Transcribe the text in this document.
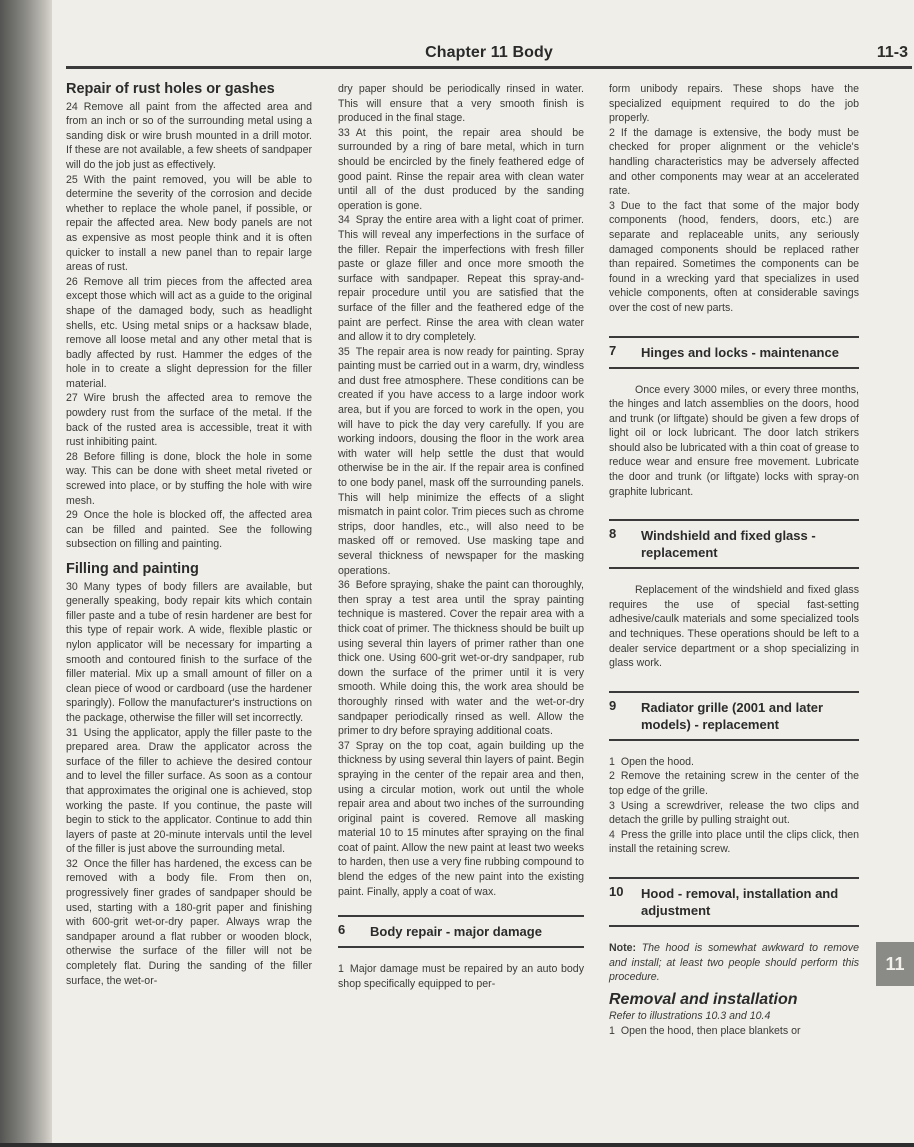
Chapter 11 Body	11-3
Repair of rust holes or gashes

24 Remove all paint from the affected area and from an inch or so of the surrounding metal using a sanding disk or wire brush mounted in a drill motor. If these are not available, a few sheets of sandpaper will do the job just as effectively.

25 With the paint removed, you will be able to determine the severity of the corrosion and decide whether to replace the whole panel, if possible, or repair the affected area. New body panels are not as expensive as most people think and it is often quicker to install a new panel than to repair large areas of rust.

26 Remove all trim pieces from the affected area except those which will act as a guide to the original shape of the damaged body, such as headlight shells, etc. Using metal snips or a hacksaw blade, remove all loose metal and any other metal that is badly affected by rust. Hammer the edges of the hole in to create a slight depression for the filler material.

27 Wire brush the affected area to remove the powdery rust from the surface of the metal. If the back of the rusted area is accessible, treat it with rust inhibiting paint.

28 Before filling is done, block the hole in some way. This can be done with sheet metal riveted or screwed into place, or by stuffing the hole with wire mesh.

29 Once the hole is blocked off, the affected area can be filled and painted. See the following subsection on filling and painting.

Filling and painting

30 Many types of body fillers are available, but generally speaking, body repair kits which contain filler paste and a tube of resin hardener are best for this type of repair work. A wide, flexible plastic or nylon applicator will be necessary for imparting a smooth and contoured finish to the surface of the filler material. Mix up a small amount of filler on a clean piece of wood or cardboard (use the hardener sparingly). Follow the manufacturer's instructions on the package, otherwise the filler will set incorrectly.

31 Using the applicator, apply the filler paste to the prepared area. Draw the applicator across the surface of the filler to achieve the desired contour and to level the filler surface. As soon as a contour that approximates the original one is achieved, stop working the paste. If you continue, the paste will begin to stick to the applicator. Continue to add thin layers of paste at 20-minute intervals until the level of the filler is just above the surrounding metal.

32 Once the filler has hardened, the excess can be removed with a body file. From then on, progressively finer grades of sandpaper should be used, starting with a 180-grit paper and finishing with 600-grit wet-or-dry paper. Always wrap the sandpaper around a flat rubber or wooden block, otherwise the surface of the filler will not be completely flat. During the sanding of the filler surface, the wet-or-

dry paper should be periodically rinsed in water. This will ensure that a very smooth finish is produced in the final stage.

33 At this point, the repair area should be surrounded by a ring of bare metal, which in turn should be encircled by the finely feathered edge of good paint. Rinse the repair area with clean water until all of the dust produced by the sanding operation is gone.

34 Spray the entire area with a light coat of primer. This will reveal any imperfections in the surface of the filler. Repair the imperfections with fresh filler paste or glaze filler and once more smooth the surface with sandpaper. Repeat this spray-and-repair procedure until you are satisfied that the surface of the filler and the feathered edge of the paint are perfect. Rinse the area with clean water and allow it to dry completely.

35 The repair area is now ready for painting. Spray painting must be carried out in a warm, dry, windless and dust free atmosphere. These conditions can be created if you have access to a large indoor work area, but if you are forced to work in the open, you will have to pick the day very carefully. If you are working indoors, dousing the floor in the work area with water will help settle the dust that would otherwise be in the air. If the repair area is confined to one body panel, mask off the surrounding panels. This will help minimize the effects of a slight mismatch in paint color. Trim pieces such as chrome strips, door handles, etc., will also need to be masked off or removed. Use masking tape and several thickness of newspaper for the masking operations.

36 Before spraying, shake the paint can thoroughly, then spray a test area until the spray painting technique is mastered. Cover the repair area with a thick coat of primer. The thickness should be built up using several thin layers of primer rather than one thick one. Using 600-grit wet-or-dry sandpaper, rub down the surface of the primer until it is very smooth. While doing this, the work area should be thoroughly rinsed with water and the wet-or-dry sandpaper periodically rinsed as well. Allow the primer to dry before spraying additional coats.

37 Spray on the top coat, again building up the thickness by using several thin layers of paint. Begin spraying in the center of the repair area and then, using a circular motion, work out until the whole repair area and about two inches of the surrounding original paint is covered. Remove all masking material 10 to 15 minutes after spraying on the final coat of paint. Allow the new paint at least two weeks to harden, then use a very fine rubbing compound to blend the edges of the new paint into the existing paint. Finally, apply a coat of wax.

6	Body repair - major damage

1 Major damage must be repaired by an auto body shop specifically equipped to per-

form unibody repairs. These shops have the specialized equipment required to do the job properly.

2 If the damage is extensive, the body must be checked for proper alignment or the vehicle's handling characteristics may be adversely affected and other components may wear at an accelerated rate.

3 Due to the fact that some of the major body components (hood, fenders, doors, etc.) are separate and replaceable units, any seriously damaged components should be replaced rather than repaired. Sometimes the components can be found in a wrecking yard that specializes in used vehicle components, often at considerable savings over the cost of new parts.

7	Hinges and locks - maintenance

Once every 3000 miles, or every three months, the hinges and latch assemblies on the doors, hood and trunk (or liftgate) should be given a few drops of light oil or lock lubricant. The door latch strikers should also be lubricated with a thin coat of grease to reduce wear and ensure free movement. Lubricate the door and trunk (or liftgate) locks with spray-on graphite lubricant.

8	Windshield and fixed glass - replacement

Replacement of the windshield and fixed glass requires the use of special fast-setting adhesive/caulk materials and some specialized tools and techniques. These operations should be left to a dealer service department or a shop specializing in glass work.

9	Radiator grille (2001 and later models) - replacement

1 Open the hood.

2 Remove the retaining screw in the center of the top edge of the grille.

3 Using a screwdriver, release the two clips and detach the grille by pulling straight out.

4 Press the grille into place until the clips click, then install the retaining screw.

10	Hood - removal, installation and adjustment

Note: The hood is somewhat awkward to remove and install; at least two people should perform this procedure.

Removal and installation

Refer to illustrations 10.3 and 10.4

1 Open the hood, then place blankets or

11
